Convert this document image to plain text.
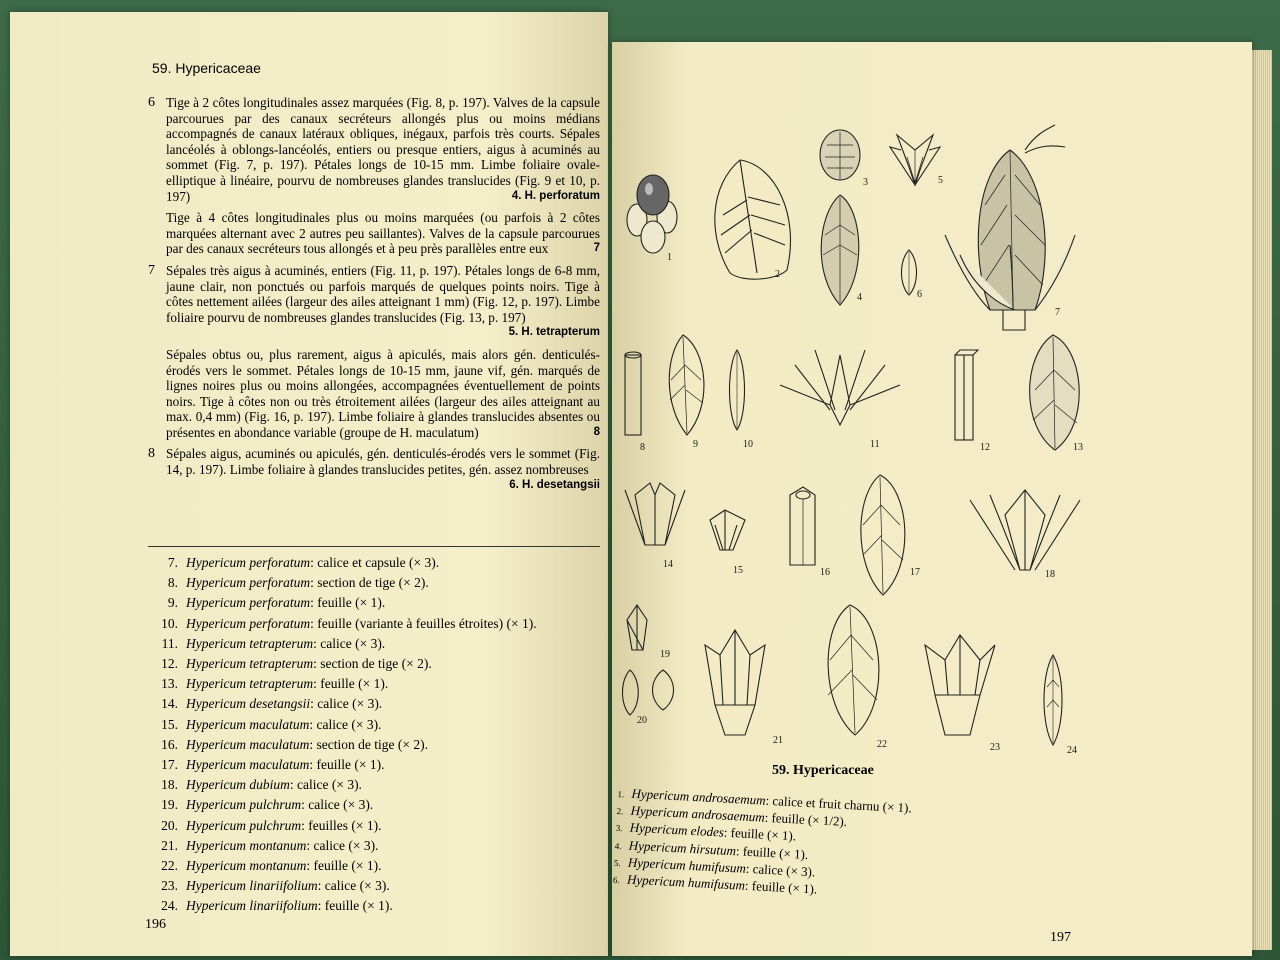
59. Hypericaceae
6 Tige à 2 côtes longitudinales assez marquées (Fig. 8, p. 197). Valves de la capsule parcourues par des canaux secréteurs allongés plus ou moins médians accompagnés de canaux latéraux obliques, inégaux, parfois très courts. Sépales lancéolés à oblongs-lancéolés, entiers ou presque entiers, aigus à acuminés au sommet (Fig. 7, p. 197). Pétales longs de 10-15 mm. Limbe foliaire ovale-elliptique à linéaire, pourvu de nombreuses glandes translucides (Fig. 9 et 10, p. 197)	4. H. perforatum
Tige à 4 côtes longitudinales plus ou moins marquées (ou parfois à 2 côtes marquées alternant avec 2 autres peu saillantes). Valves de la capsule parcourues par des canaux secréteurs tous allongés et à peu près parallèles entre eux	7
7 Sépales très aigus à acuminés, entiers (Fig. 11, p. 197). Pétales longs de 6-8 mm, jaune clair, non ponctués ou parfois marqués de quelques points noirs. Tige à côtes nettement ailées (largeur des ailes atteignant 1 mm) (Fig. 12, p. 197). Limbe foliaire pourvu de nombreuses glandes translucides (Fig. 13, p. 197)
5. H. tetrapterum
Sépales obtus ou, plus rarement, aigus à apiculés, mais alors gén. denticulés-érodés vers le sommet. Pétales longs de 10-15 mm, jaune vif, gén. marqués de lignes noires plus ou moins allongées, accompagnées éventuellement de points noirs. Tige à côtes non ou très étroitement ailées (largeur des ailes atteignant au max. 0,4 mm) (Fig. 16, p. 197). Limbe foliaire à glandes translucides absentes ou présentes en abondance variable (groupe de H. maculatum)	8
8 Sépales aigus, acuminés ou apiculés, gén. denticulés-érodés vers le sommet (Fig. 14, p. 197). Limbe foliaire à glandes translucides petites, gén. assez nombreuses
6. H. desetangsii
7. Hypericum perforatum : calice et capsule (× 3).
8. Hypericum perforatum : section de tige (× 2).
9. Hypericum perforatum : feuille (× 1).
10. Hypericum perforatum : feuille (variante à feuilles étroites) (× 1).
11. Hypericum tetrapterum : calice (× 3).
12. Hypericum tetrapterum : section de tige (× 2).
13. Hypericum tetrapterum : feuille (× 1).
14. Hypericum desetangsii : calice (× 3).
15. Hypericum maculatum : calice (× 3).
16. Hypericum maculatum : section de tige (× 2).
17. Hypericum maculatum : feuille (× 1).
18. Hypericum dubium : calice (× 3).
19. Hypericum pulchrum : calice (× 3).
20. Hypericum pulchrum : feuilles (× 1).
21. Hypericum montanum : calice (× 3).
22. Hypericum montanum : feuille (× 1).
23. Hypericum linariifolium : calice (× 3).
24. Hypericum linariifolium : feuille (× 1).
196
1
2
3
4
5
6
7
8	9	10	11	12	13
14
15	16	17	18
19
20
21	22	23	24
59. Hypericaceae
1. Hypericum androsaemum : calice et fruit charnu (× 1).
2. Hypericum androsaemum : feuille (× 1/2).
3. Hypericum elodes : feuille (× 1).
4. Hypericum hirsutum : feuille (× 1).
5. Hypericum humifusum : calice (× 3).
6. Hypericum humifusum : feuille (× 1).
197
